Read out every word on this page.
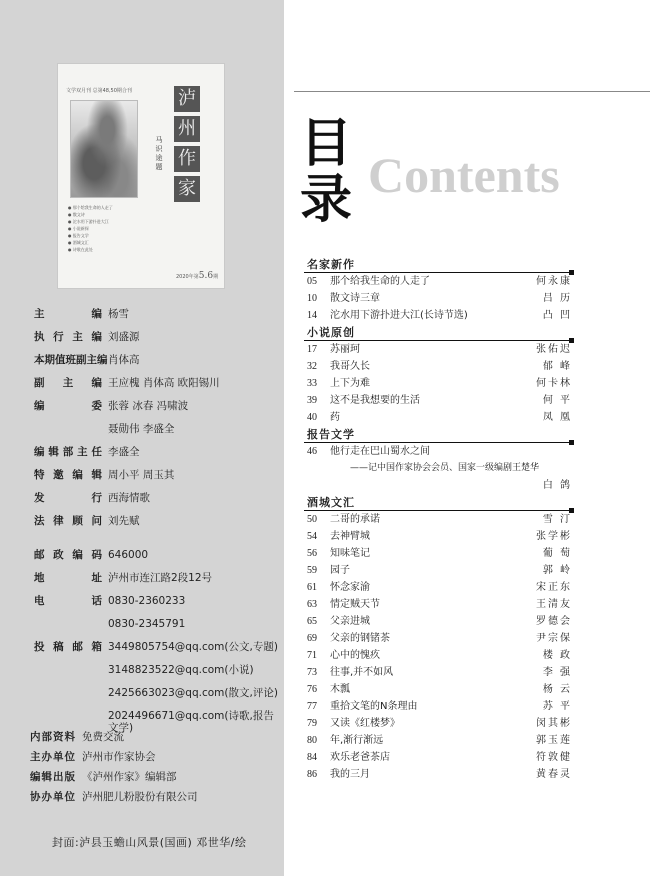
文学双月刊 总第48,50期合刊	泸
州
作
家
马识途题
● 那个给我生命的人走了
● 散文诗
● 沱水用下游扑进大江
● 小说新探
● 报告文学
● 酒城文汇
● 诗歌在此处
2020年第5.6期
主编 杨雪
执行主编 刘盛源
本期值班副主编 肖体高
副主编 王应槐 肖体高 欧阳锡川
编委 张蓉 冰春 冯啸波
聂勋伟 李盛全
编辑部主任 李盛全
特邀编辑 周小平 周玉其
发行 西海情歌
法律顾问 刘先赋
邮政编码 646000
地址 泸州市连江路2段12号
电话 0830-2360233
0830-2345791
投稿邮箱 3449805754@qq.com(公文,专题)
3148823522@qq.com(小说)
2425663023@qq.com(散文,评论)
2024496671@qq.com(诗歌,报告文学)
内部资料 免费交流
主办单位 泸州市作家协会
编辑出版 《泸州作家》编辑部
协办单位 泸州肥儿粉股份有限公司
封面:泸县玉蟾山风景(国画) 邓世华/绘
目
录 Contents
名家新作
05	那个给我生命的人走了	何永康
10	散文诗三章	吕 历
14	沱水用下游扑进大江(长诗节选)	凸 凹
小说原创
17	苏丽珂	张佑迟
32	我哥久长	郁 峰
33	上下为难	何卡林
39	这不是我想要的生活	何 平
40	药	凤 凰
报告文学
46	他行走在巴山蜀水之间
——记中国作家协会会员、国家一级编剧王楚华
白 鸽
酒城文汇
50	二哥的承诺	雪 汀
54	去神臂城	张学彬
56	知味笔记	葡 萄
59	园子	郭 岭
61	怀念家渝	宋正东
63	情定贼天节	王清友
65	父亲进城	罗德会
69	父亲的钢锗茶	尹宗保
71	心中的愧疚	楼 政
73	往事,并不如风	李 强
76	木瓢	杨 云
77	重拾文笔的N条理由	苏 平
79	又读《红楼梦》	闵其彬
80	年,渐行渐远	郭玉莲
84	欢乐老爸茶店	符敦健
86	我的三月	黄春灵
